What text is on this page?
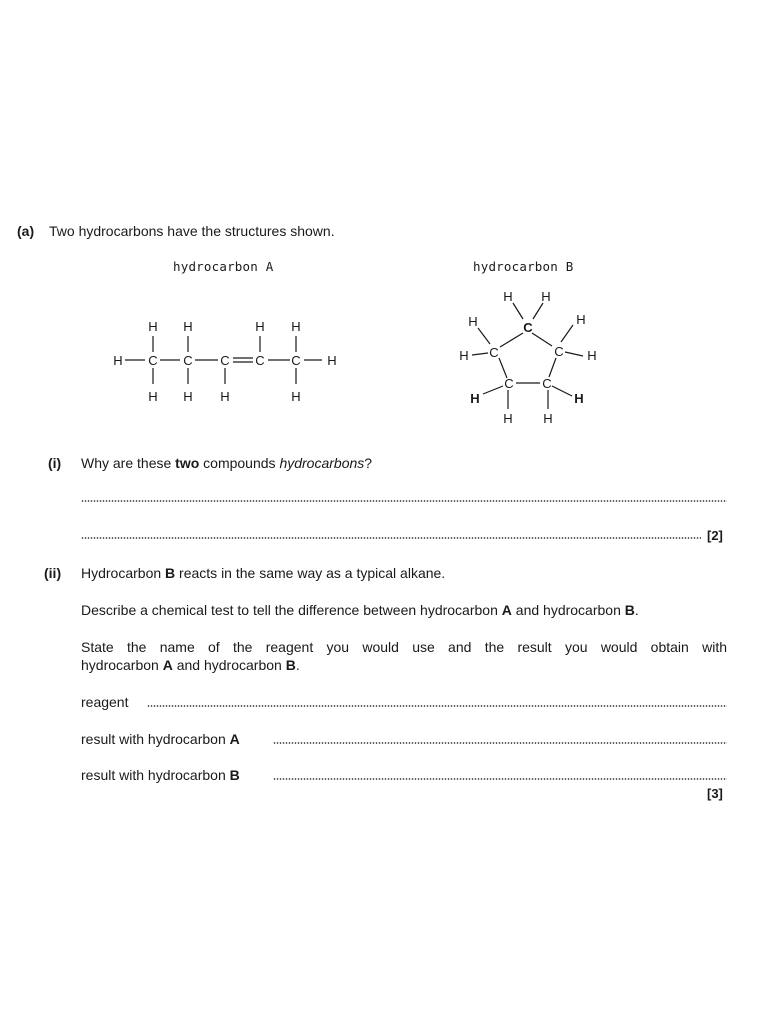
(a) Two hydrocarbons have the structures shown.
hydrocarbon A	hydrocarbon B
H C C C C C H
H H	H H
H H H	H
C
C	C
C C
H H
H	H
H	H
H	H
H H
(i) Why are these two compounds hydrocarbons?
[2]
(ii) Hydrocarbon B reacts in the same way as a typical alkane.
Describe a chemical test to tell the difference between hydrocarbon A and hydrocarbon B.
State the name of the reagent you would use and the result you would obtain with
hydrocarbon A and hydrocarbon B.
reagent
result with hydrocarbon A
result with hydrocarbon B
[3]
